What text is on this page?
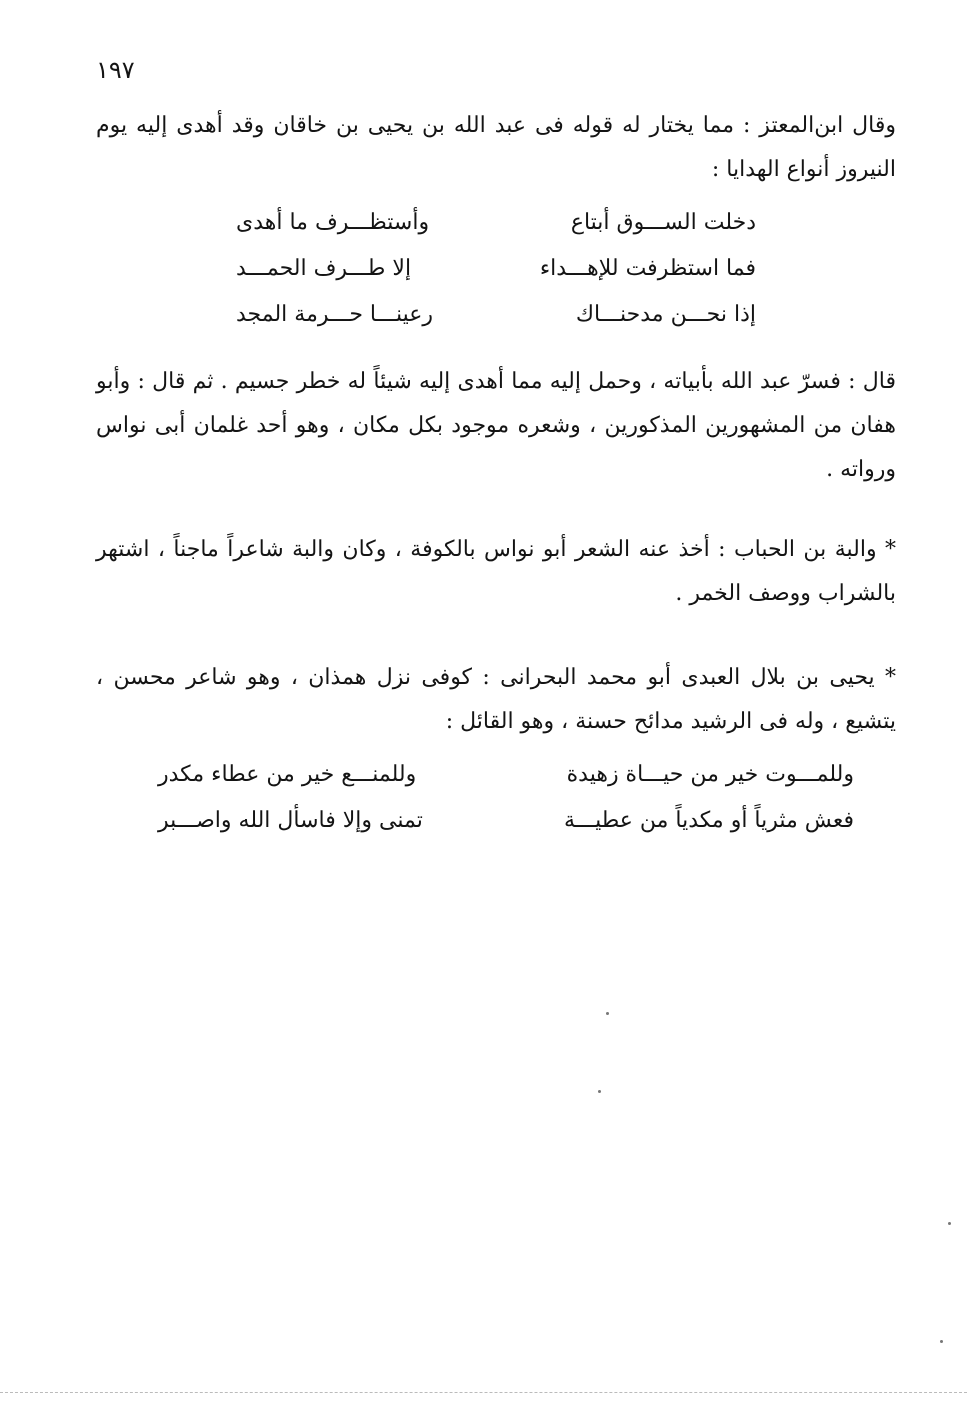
١٩٧
وقال ابن‌المعتز : مما يختار له قوله فى عبد الله بن يحيى بن خاقان وقد أهدى إليه يوم النيروز أنواع الهدايا :
دخلت الســـوق أبتاع
وأستظـــرف ما أهدى
فما استظرفت للإهـــداء
إلا طـــرف الحمـــد
إذا نحـــن مدحنـــاك
رعينـــا حـــرمة المجد
قال : فسرّ عبد الله بأبياته ، وحمل إليه مما أهدى إليه شيئاً له خطر جسيم . ثم قال : وأبو هفان من المشهورين المذكورين ، وشعره موجود بكل مكان ، وهو أحد غلمان أبى نواس ورواته .
* والبة بن الحباب : أخذ عنه الشعر أبو نواس بالكوفة ، وكان والبة شاعراً ماجناً ، اشتهر بالشراب ووصف الخمر .
* يحيى بن بلال العبدى أبو محمد البحرانى : كوفى نزل همذان ، وهو شاعر محسن ، يتشيع ، وله فى الرشيد مدائح حسنة ، وهو القائل :
وللمـــوت خير من حيـــاة زهيدة
وللمنـــع خير من عطاء مكدر
فعش مثرياً أو مكدياً من عطيـــة
تمنى وإلا فاسأل الله واصـــبر
